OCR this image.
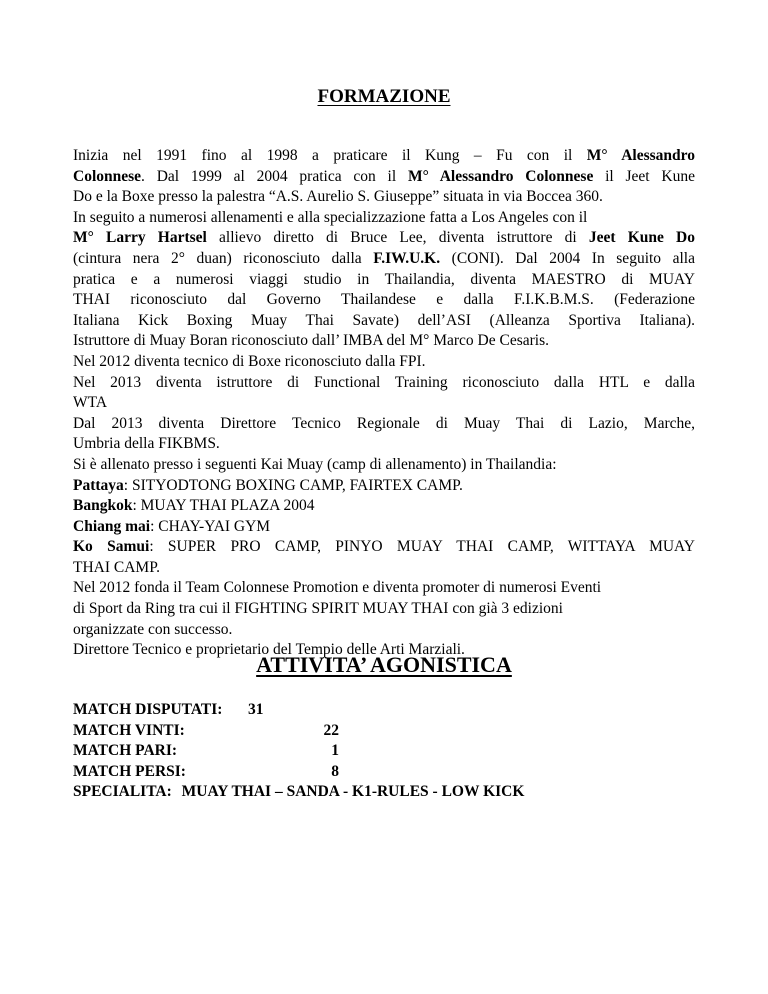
FORMAZIONE
Inizia nel 1991 fino al 1998 a praticare il Kung – Fu con il M° Alessandro
Colonnese. Dal 1999 al 2004 pratica con il M° Alessandro Colonnese il Jeet Kune
Do e la Boxe presso la palestra “A.S. Aurelio S. Giuseppe” situata in via Boccea 360.
In seguito a numerosi allenamenti e alla specializzazione fatta a Los Angeles con il
M° Larry Hartsel allievo diretto di Bruce Lee, diventa istruttore di Jeet Kune Do
(cintura nera 2° duan) riconosciuto dalla F.IW.U.K. (CONI). Dal 2004 In seguito alla
pratica e a numerosi viaggi studio in Thailandia, diventa MAESTRO di MUAY
THAI riconosciuto dal Governo Thailandese e dalla F.I.K.B.M.S. (Federazione
Italiana Kick Boxing Muay Thai Savate) dell’ASI (Alleanza Sportiva Italiana).
Istruttore di Muay Boran riconosciuto dall’ IMBA del M° Marco De Cesaris.
Nel 2012 diventa tecnico di Boxe riconosciuto dalla FPI.
Nel 2013 diventa istruttore di Functional Training riconosciuto dalla HTL e dalla
WTA
Dal 2013 diventa Direttore Tecnico Regionale di Muay Thai di Lazio, Marche,
Umbria della FIKBMS.
Si è allenato presso i seguenti Kai Muay (camp di allenamento) in Thailandia:
Pattaya: SITYODTONG BOXING CAMP, FAIRTEX CAMP.
Bangkok: MUAY THAI PLAZA 2004
Chiang mai: CHAY-YAI GYM
Ko Samui: SUPER PRO CAMP, PINYO MUAY THAI CAMP, WITTAYA MUAY
THAI CAMP.
Nel 2012 fonda il Team Colonnese Promotion e diventa promoter di numerosi Eventi
di Sport da Ring tra cui il FIGHTING SPIRIT MUAY THAI con già 3 edizioni
organizzate con successo.
Direttore Tecnico e proprietario del Tempio delle Arti Marziali.
ATTIVITA’ AGONISTICA
MATCH DISPUTATI: 31
MATCH VINTI:	22
MATCH PARI:	1
MATCH PERSI:	8
SPECIALITA: MUAY THAI – SANDA - K1-RULES - LOW KICK
